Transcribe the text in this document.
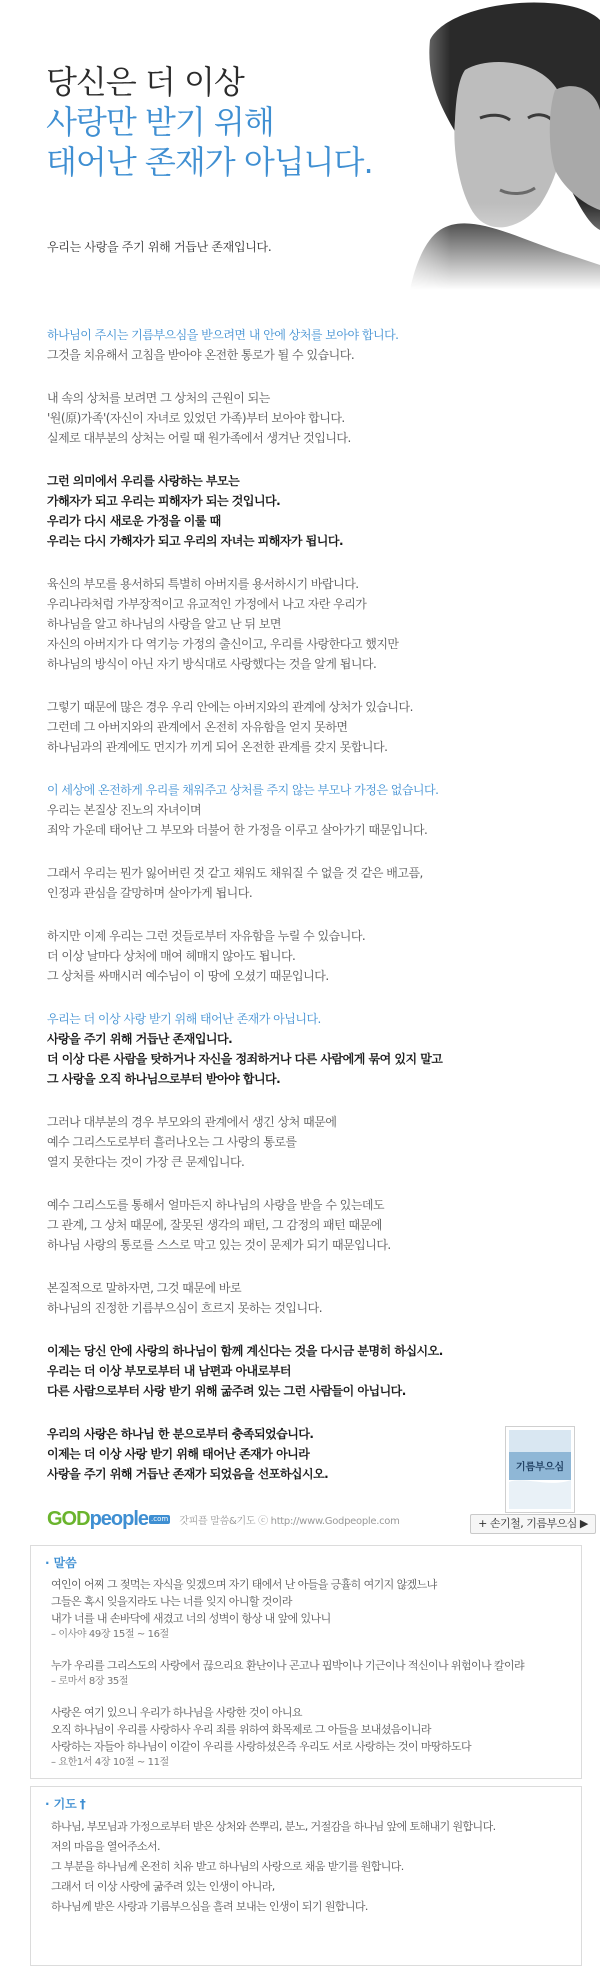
당신은 더 이상
사랑만 받기 위해
태어난 존재가 아닙니다.
우리는 사랑을 주기 위해 거듭난 존재입니다.
하나님이 주시는 기름부으심을 받으려면 내 안에 상처를 보아야 합니다.
그것을 치유해서 고침을 받아야 온전한 통로가 될 수 있습니다.
내 속의 상처를 보려면 그 상처의 근원이 되는
'원(原)가족'(자신이 자녀로 있었던 가족)부터 보아야 합니다.
실제로 대부분의 상처는 어릴 때 원가족에서 생겨난 것입니다.
그런 의미에서 우리를 사랑하는 부모는
가해자가 되고 우리는 피해자가 되는 것입니다.
우리가 다시 새로운 가정을 이룰 때
우리는 다시 가해자가 되고 우리의 자녀는 피해자가 됩니다.
육신의 부모를 용서하되 특별히 아버지를 용서하시기 바랍니다.
우리나라처럼 가부장적이고 유교적인 가정에서 나고 자란 우리가
하나님을 알고 하나님의 사랑을 알고 난 뒤 보면
자신의 아버지가 다 역기능 가정의 출신이고, 우리를 사랑한다고 했지만
하나님의 방식이 아닌 자기 방식대로 사랑했다는 것을 알게 됩니다.
그렇기 때문에 많은 경우 우리 안에는 아버지와의 관계에 상처가 있습니다.
그런데 그 아버지와의 관계에서 온전히 자유함을 얻지 못하면
하나님과의 관계에도 먼지가 끼게 되어 온전한 관계를 갖지 못합니다.
이 세상에 온전하게 우리를 채워주고 상처를 주지 않는 부모나 가정은 없습니다.
우리는 본질상 진노의 자녀이며
죄악 가운데 태어난 그 부모와 더불어 한 가정을 이루고 살아가기 때문입니다.
그래서 우리는 뭔가 잃어버린 것 같고 채워도 채워질 수 없을 것 같은 배고픔,
인정과 관심을 갈망하며 살아가게 됩니다.
하지만 이제 우리는 그런 것들로부터 자유함을 누릴 수 있습니다.
더 이상 날마다 상처에 매여 헤매지 않아도 됩니다.
그 상처를 싸매시러 예수님이 이 땅에 오셨기 때문입니다.
우리는 더 이상 사랑 받기 위해 태어난 존재가 아닙니다.
사랑을 주기 위해 거듭난 존재입니다.
더 이상 다른 사람을 탓하거나 자신을 정죄하거나 다른 사람에게 묶여 있지 말고
그 사랑을 오직 하나님으로부터 받아야 합니다.
그러나 대부분의 경우 부모와의 관계에서 생긴 상처 때문에
예수 그리스도로부터 흘러나오는 그 사랑의 통로를
열지 못한다는 것이 가장 큰 문제입니다.
예수 그리스도를 통해서 얼마든지 하나님의 사랑을 받을 수 있는데도
그 관계, 그 상처 때문에, 잘못된 생각의 패턴, 그 감정의 패턴 때문에
하나님 사랑의 통로를 스스로 막고 있는 것이 문제가 되기 때문입니다.
본질적으로 말하자면, 그것 때문에 바로
하나님의 진정한 기름부으심이 흐르지 못하는 것입니다.
이제는 당신 안에 사랑의 하나님이 함께 계신다는 것을 다시금 분명히 하십시오.
우리는 더 이상 부모로부터 내 남편과 아내로부터
다른 사람으로부터 사랑 받기 위해 굶주려 있는 그런 사람들이 아닙니다.
우리의 사랑은 하나님 한 분으로부터 충족되었습니다.
이제는 더 이상 사랑 받기 위해 태어난 존재가 아니라
사랑을 주기 위해 거듭난 존재가 되었음을 선포하십시오.
GODpeople .com 갓피플 말씀&기도 ⓒ http://www.Godpeople.com
기름부으심
+ 손기철, 기름부으심 ▶
· 말씀
여인이 어찌 그 젖먹는 자식을 잊겠으며 자기 태에서 난 아들을 긍휼히 여기지 않겠느냐
그들은 혹시 잊을지라도 나는 너를 잊지 아니할 것이라
내가 너를 내 손바닥에 새겼고 너의 성벽이 항상 내 앞에 있나니
– 이사야 49장 15절 ~ 16절
누가 우리를 그리스도의 사랑에서 끊으리요 환난이나 곤고나 핍박이나 기근이나 적신이나 위험이나 칼이랴
– 로마서 8장 35절
사랑은 여기 있으니 우리가 하나님을 사랑한 것이 아니요
오직 하나님이 우리를 사랑하사 우리 죄를 위하여 화목제로 그 아들을 보내셨음이니라
사랑하는 자들아 하나님이 이같이 우리를 사랑하셨은즉 우리도 서로 사랑하는 것이 마땅하도다
– 요한1서 4장 10절 ~ 11절
· 기도 †
하나님, 부모님과 가정으로부터 받은 상처와 쓴뿌리, 분노, 거절감을 하나님 앞에 토해내기 원합니다.
저의 마음을 열어주소서.
그 부분을 하나님께 온전히 치유 받고 하나님의 사랑으로 채움 받기를 원합니다.
그래서 더 이상 사랑에 굶주려 있는 인생이 아니라,
하나님께 받은 사랑과 기름부으심을 흘려 보내는 인생이 되기 원합니다.
